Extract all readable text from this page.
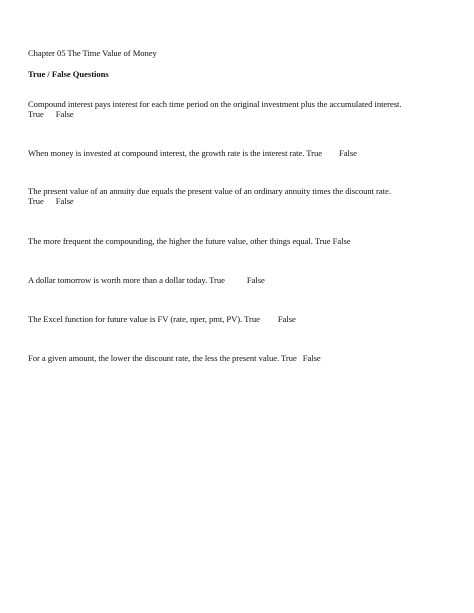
Chapter 05 The Time Value of Money
True / False Questions
Compound interest pays interest for each time period on the original investment plus the accumulated interest.
True False
When money is invested at compound interest, the growth rate is the interest rate. True False
The present value of an annuity due equals the present value of an ordinary annuity times the discount rate.
True False
The more frequent the compounding, the higher the future value, other things equal. True False
A dollar tomorrow is worth more than a dollar today. True	False
The Excel function for future value is FV (rate, nper, pmt, PV). True False
For a given amount, the lower the discount rate, the less the present value. True False
